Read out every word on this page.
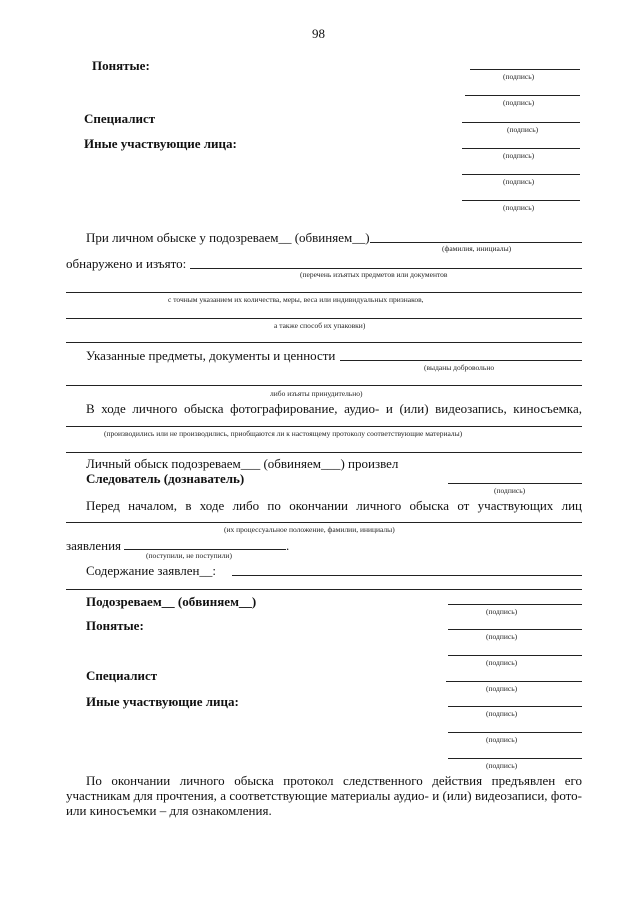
98
Понятые:
(подпись)
(подпись)
Специалист
(подпись)
Иные участвующие лица:
(подпись)
(подпись)
(подпись)
При личном обыске у подозреваем__ (обвиняем__)
(фамилия, инициалы)
обнаружено и изъято:
(перечень изъятых предметов или документов
с точным указанием их количества, меры, веса или индивидуальных признаков,
а также способ их упаковки)
Указанные предметы, документы и ценности
(выданы добровольно
либо изъяты принудительно)
В ходе личного обыска фотографирование, аудио- и (или) видеозапись, киносъемка,
(производились или не производились, приобщаются ли к настоящему протоколу соответствующие материалы)
Личный обыск подозреваем___ (обвиняем___) произвел
Следователь (дознаватель)
(подпись)
Перед началом, в ходе либо по окончании личного обыска от участвующих лиц
(их процессуальное положение, фамилии, инициалы)
заявления	.
(поступили, не поступили)
Содержание заявлен__:
Подозреваем__ (обвиняем__)
(подпись)
Понятые:
(подпись)
(подпись)
Специалист
(подпись)
Иные участвующие лица:
(подпись)
(подпись)
(подпись)
По окончании личного обыска протокол следственного действия предъявлен его участникам для прочтения, а соответствующие материалы аудио- и (или) видеозаписи, фото- или киносъемки – для ознакомления.
